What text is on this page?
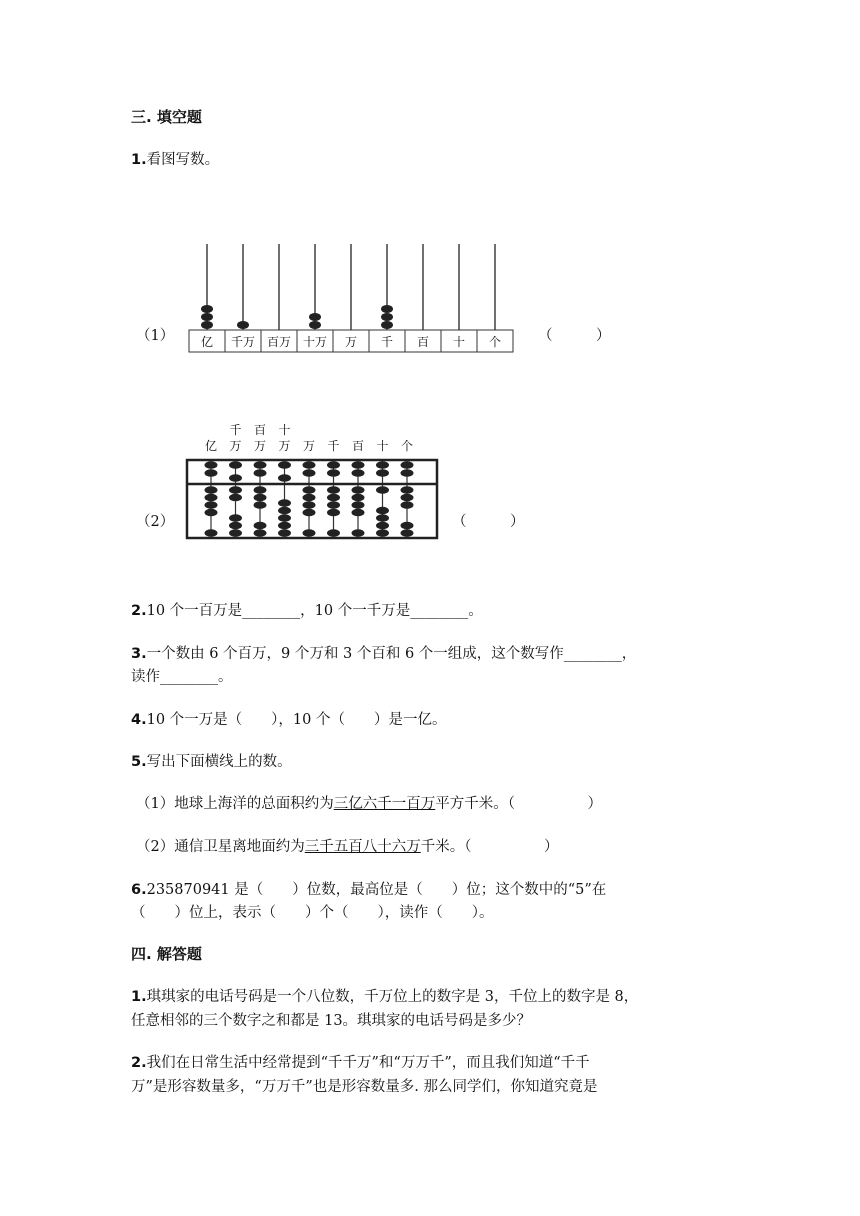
三. 填空题
1.看图写数。
（1） 亿 千万 百万 十万 万 千 百 十 个	（　　　）
（2）
亿
千
万
百
万
十
万 万 千 百 十 个
（　　　）
2.10 个一百万是________，10 个一千万是________。
3.一个数由 6 个百万，9 个万和 3 个百和 6 个一组成，这个数写作________，
读作________。
4.10 个一万是（　　），10 个（　　）是一亿。
5.写出下面横线上的数。
（1）地球上海洋的总面积约为三亿六千一百万平方千米。（　　　　　）
（2）通信卫星离地面约为三千五百八十六万千米。（　　　　　）
6.235870941 是（　　）位数，最高位是（　　）位；这个数中的“5”在
（　　）位上，表示（　　）个（　　），读作（　　）。
四. 解答题
1.琪琪家的电话号码是一个八位数，千万位上的数字是 3，千位上的数字是 8，
任意相邻的三个数字之和都是 13。琪琪家的电话号码是多少？
2.我们在日常生活中经常提到“千千万”和“万万千”，而且我们知道“千千
万”是形容数量多，“万万千”也是形容数量多. 那么同学们，你知道究竟是
